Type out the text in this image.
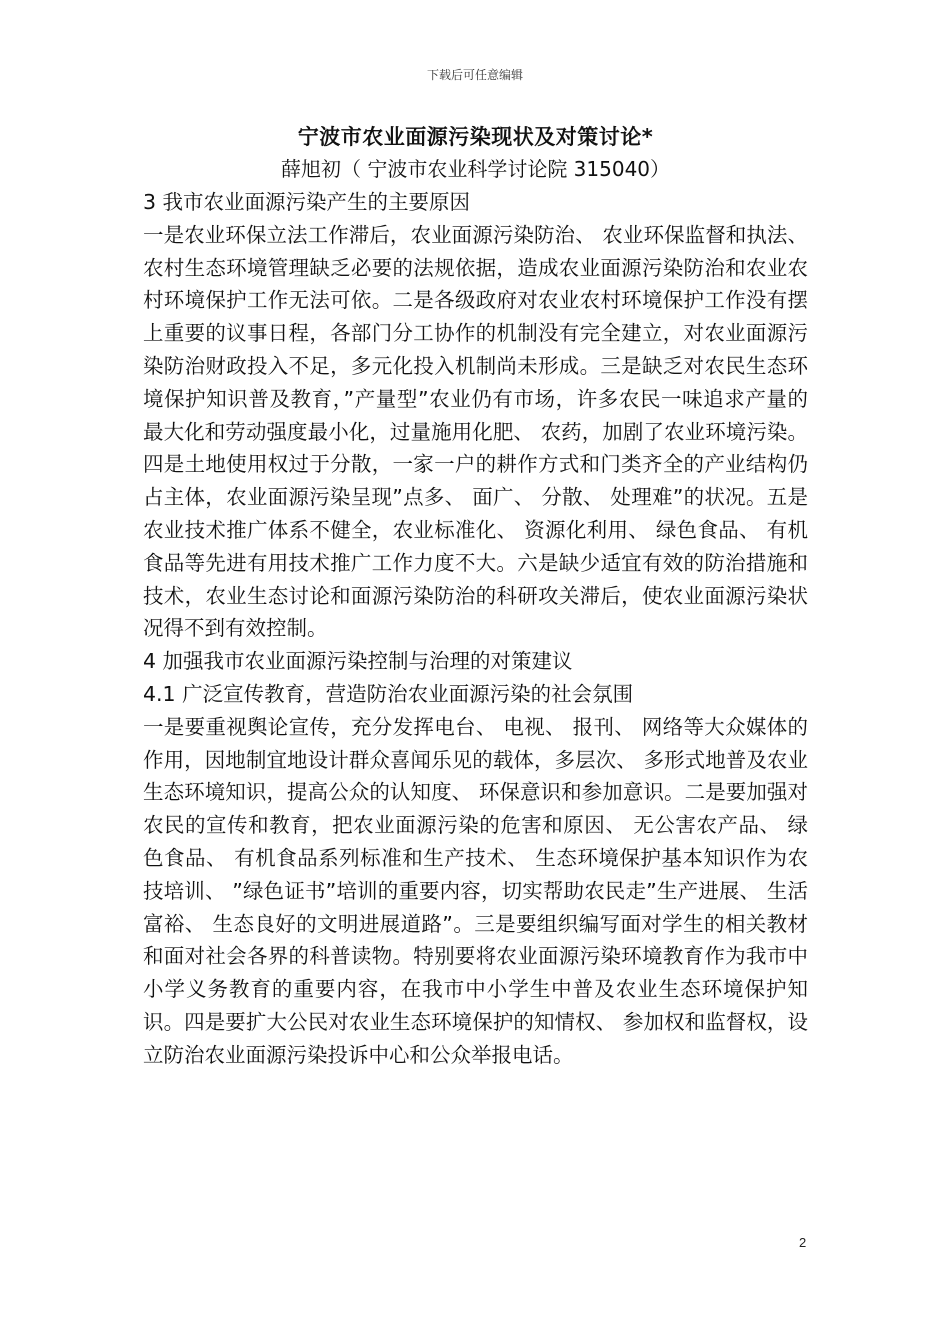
下载后可任意编辑
宁波市农业面源污染现状及对策讨论*
薛旭初（ 宁波市农业科学讨论院 315040）
3 我市农业面源污染产生的主要原因
一是农业环保立法工作滞后，农业面源污染防治、 农业环保监督和执法、 农村生态环境管理缺乏必要的法规依据，造成农业面源污染防治和农业农村环境保护工作无法可依。二是各级政府对农业农村环境保护工作没有摆上重要的议事日程，各部门分工协作的机制没有完全建立，对农业面源污染防治财政投入不足，多元化投入机制尚未形成。三是缺乏对农民生态环境保护知识普及教育，”产量型”农业仍有市场，许多农民一味追求产量的最大化和劳动强度最小化，过量施用化肥、 农药，加剧了农业环境污染。四是土地使用权过于分散，一家一户的耕作方式和门类齐全的产业结构仍占主体，农业面源污染呈现”点多、 面广、 分散、 处理难”的状况。五是农业技术推广体系不健全，农业标准化、 资源化利用、 绿色食品、 有机食品等先进有用技术推广工作力度不大。六是缺少适宜有效的防治措施和技术，农业生态讨论和面源污染防治的科研攻关滞后，使农业面源污染状况得不到有效控制。
4 加强我市农业面源污染控制与治理的对策建议
4.1 广泛宣传教育，营造防治农业面源污染的社会氛围
一是要重视舆论宣传，充分发挥电台、 电视、 报刊、 网络等大众媒体的作用，因地制宜地设计群众喜闻乐见的载体，多层次、 多形式地普及农业生态环境知识，提高公众的认知度、 环保意识和参加意识。二是要加强对农民的宣传和教育，把农业面源污染的危害和原因、 无公害农产品、 绿色食品、 有机食品系列标准和生产技术、 生态环境保护基本知识作为农技培训、 ”绿色证书”培训的重要内容，切实帮助农民走”生产进展、 生活富裕、 生态良好的文明进展道路”。三是要组织编写面对学生的相关教材和面对社会各界的科普读物。特别要将农业面源污染环境教育作为我市中小学义务教育的重要内容，在我市中小学生中普及农业生态环境保护知识。四是要扩大公民对农业生态环境保护的知情权、 参加权和监督权，设立防治农业面源污染投诉中心和公众举报电话。
2
